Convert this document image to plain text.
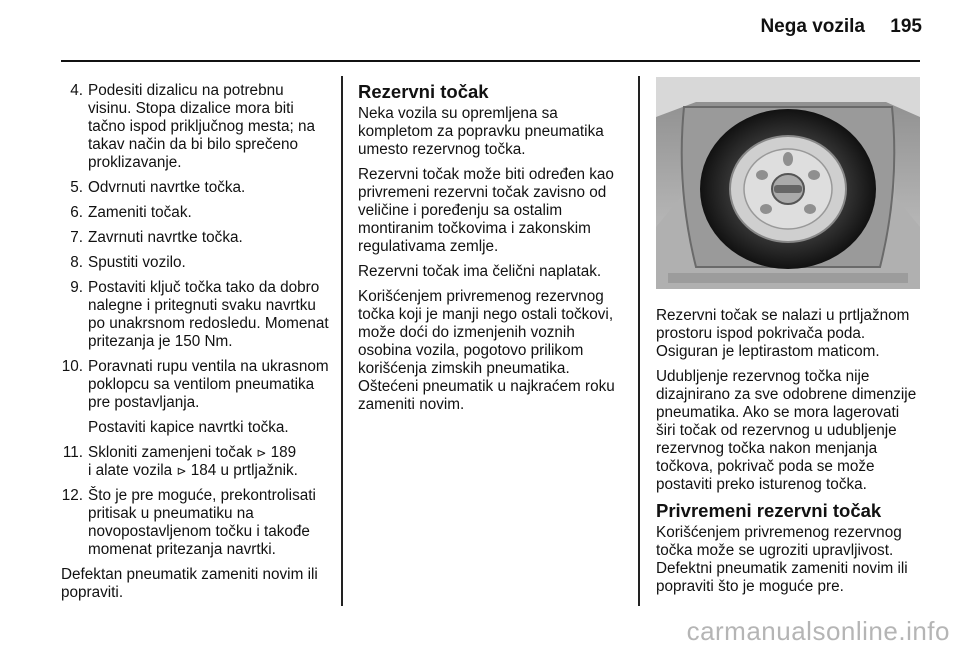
Nega vozila 195
4. Podesiti dizalicu na potrebnu visinu. Stopa dizalice mora biti tačno ispod priključnog mesta; na takav način da bi bilo sprečeno proklizavanje.
5. Odvrnuti navrtke točka.
6. Zameniti točak.
7. Zavrnuti navrtke točka.
8. Spustiti vozilo.
9. Postaviti ključ točka tako da dobro nalegne i pritegnuti svaku navrtku po unakrsnom redosledu. Momenat pritezanja je 150 Nm.
10. Poravnati rupu ventila na ukrasnom poklopcu sa ventilom pneumatika pre postavljanja.
Postaviti kapice navrtki točka.
11. Skloniti zamenjeni točak ⊳ 189
i alate vozila ⊳ 184 u prtljažnik.
12. Što je pre moguće, prekontrolisati pritisak u pneumatiku na novopostavljenom točku i takođe momenat pritezanja navrtki.

Defektan pneumatik zameniti novim ili popraviti.

Rezervni točak

Neka vozila su opremljena sa kompletom za popravku pneumatika umesto rezervnog točka.

Rezervni točak može biti određen kao privremeni rezervni točak zavisno od veličine i poređenju sa ostalim montiranim točkovima i zakonskim regulativama zemlje.

Rezervni točak ima čelični naplatak.

Korišćenjem privremenog rezervnog točka koji je manji nego ostali točkovi, može doći do izmenjenih voznih osobina vozila, pogotovo prilikom korišćenja zimskih pneumatika. Oštećeni pneumatik u najkraćem roku zameniti novim.

Rezervni točak se nalazi u prtljažnom prostoru ispod pokrivača poda. Osiguran je leptirastom maticom.

Udubljenje rezervnog točka nije dizajnirano za sve odobrene dimenzije pneumatika. Ako se mora lagerovati širi točak od rezervnog u udubljenje rezervnog točka nakon menjanja točkova, pokrivač poda se može postaviti preko isturenog točka.

Privremeni rezervni točak

Korišćenjem privremenog rezervnog točka može se ugroziti upravljivost. Defektni pneumatik zameniti novim ili popraviti što je moguće pre.

carmanualsonline.info
